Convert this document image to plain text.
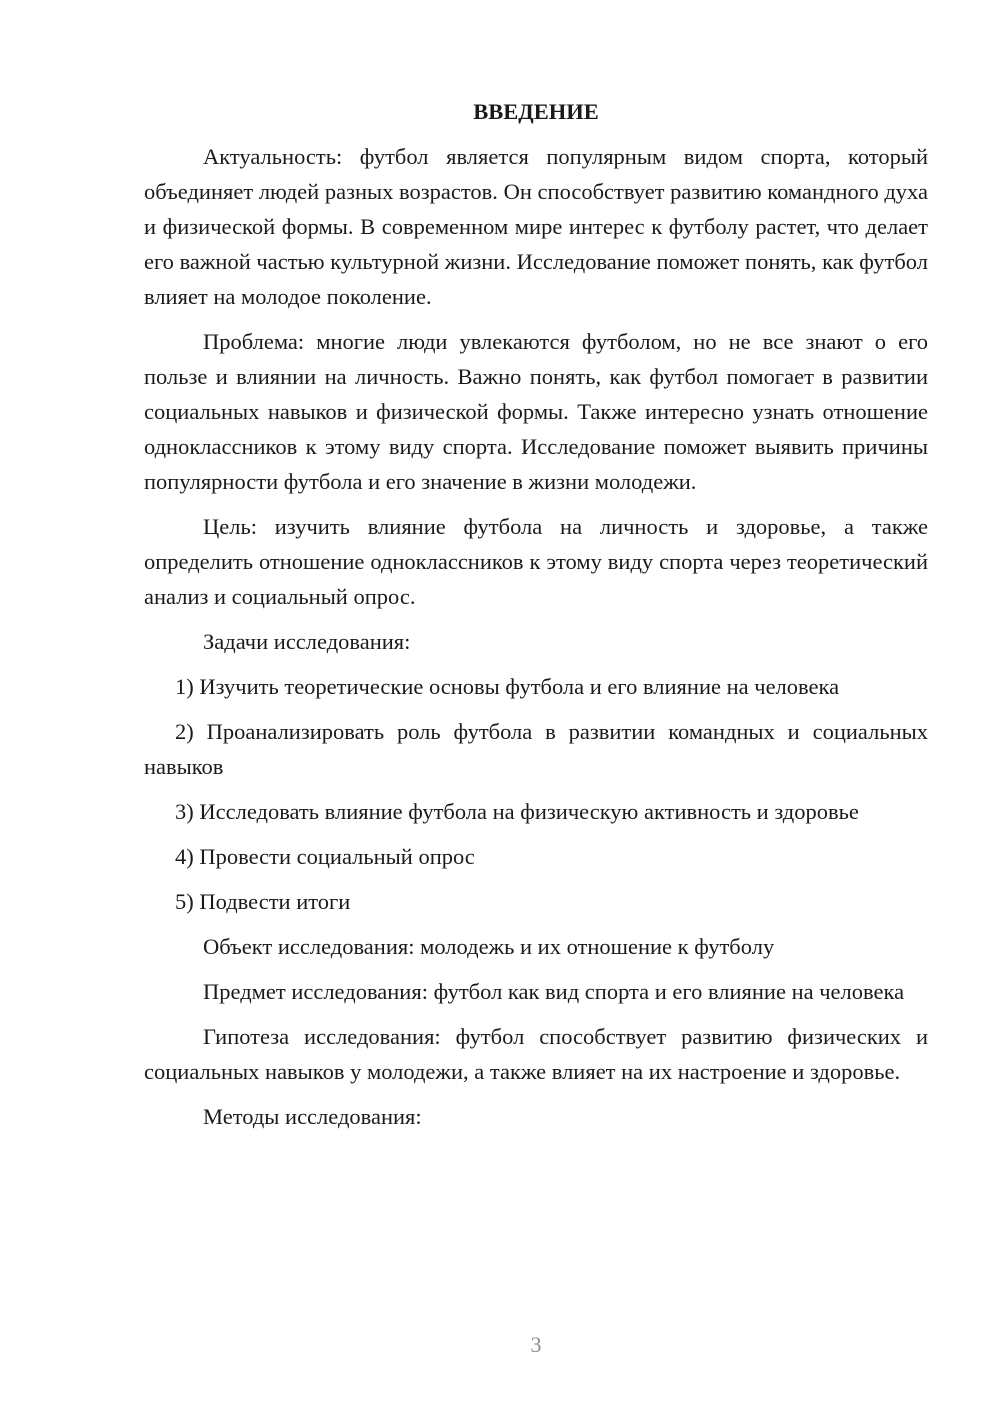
ВВЕДЕНИЕ

Актуальность: футбол является популярным видом спорта, который объединяет людей разных возрастов. Он способствует развитию командного духа и физической формы. В современном мире интерес к футболу растет, что делает его важной частью культурной жизни. Исследование поможет понять, как футбол влияет на молодое поколение.

Проблема: многие люди увлекаются футболом, но не все знают о его пользе и влиянии на личность. Важно понять, как футбол помогает в развитии социальных навыков и физической формы. Также интересно узнать отношение одноклассников к этому виду спорта. Исследование поможет выявить причины популярности футбола и его значение в жизни молодежи.

Цель: изучить влияние футбола на личность и здоровье, а также определить отношение одноклассников к этому виду спорта через теоретический анализ и социальный опрос.

Задачи исследования:

1) Изучить теоретические основы футбола и его влияние на человека

2) Проанализировать роль футбола в развитии командных и социальных навыков

3) Исследовать влияние футбола на физическую активность и здоровье

4) Провести социальный опрос

5) Подвести итоги

Объект исследования: молодежь и их отношение к футболу

Предмет исследования: футбол как вид спорта и его влияние на человека

Гипотеза исследования: футбол способствует развитию физических и социальных навыков у молодежи, а также влияет на их настроение и здоровье.

Методы исследования:

3
